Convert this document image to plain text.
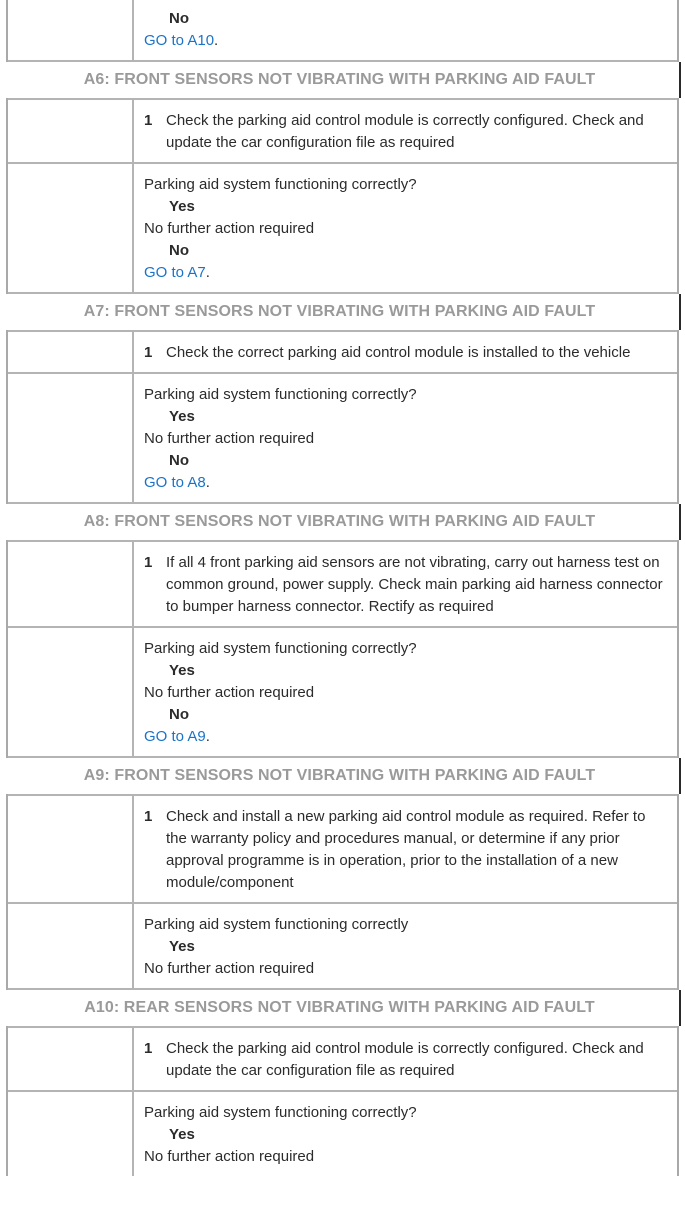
No
GO to A10.
A6: FRONT SENSORS NOT VIBRATING WITH PARKING AID FAULT
1 Check the parking aid control module is correctly configured. Check and update the car configuration file as required
Parking aid system functioning correctly?
Yes
No further action required
No
GO to A7.
A7: FRONT SENSORS NOT VIBRATING WITH PARKING AID FAULT
1 Check the correct parking aid control module is installed to the vehicle
Parking aid system functioning correctly?
Yes
No further action required
No
GO to A8.
A8: FRONT SENSORS NOT VIBRATING WITH PARKING AID FAULT
1 If all 4 front parking aid sensors are not vibrating, carry out harness test on common ground, power supply. Check main parking aid harness connector to bumper harness connector. Rectify as required
Parking aid system functioning correctly?
Yes
No further action required
No
GO to A9.
A9: FRONT SENSORS NOT VIBRATING WITH PARKING AID FAULT
1 Check and install a new parking aid control module as required. Refer to the warranty policy and procedures manual, or determine if any prior approval programme is in operation, prior to the installation of a new module/component
Parking aid system functioning correctly
Yes
No further action required
A10: REAR SENSORS NOT VIBRATING WITH PARKING AID FAULT
1 Check the parking aid control module is correctly configured. Check and update the car configuration file as required
Parking aid system functioning correctly?
Yes
No further action required
